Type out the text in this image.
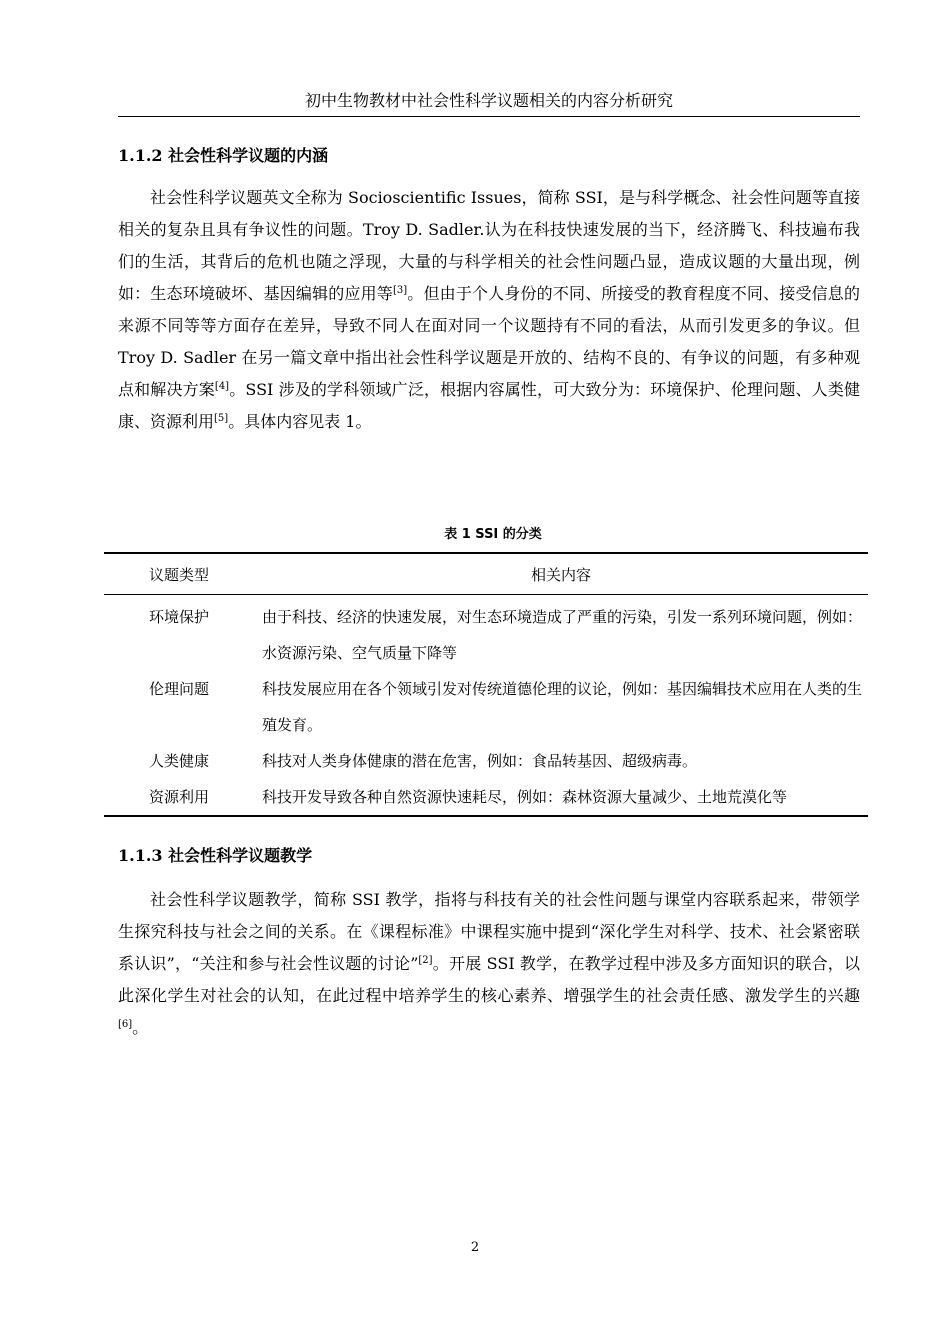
初中生物教材中社会性科学议题相关的内容分析研究
1.1.2 社会性科学议题的内涵

社会性科学议题英文全称为 Socioscientific Issues，简称 SSI，是与科学概念、社会性问题等直接相关的复杂且具有争议性的问题。Troy D. Sadler.认为在科技快速发展的当下，经济腾飞、科技遍布我们的生活，其背后的危机也随之浮现，大量的与科学相关的社会性问题凸显，造成议题的大量出现，例如：生态环境破坏、基因编辑的应用等[3]。但由于个人身份的不同、所接受的教育程度不同、接受信息的来源不同等等方面存在差异，导致不同人在面对同一个议题持有不同的看法，从而引发更多的争议。但 Troy D. Sadler 在另一篇文章中指出社会性科学议题是开放的、结构不良的、有争议的问题，有多种观点和解决方案[4]。SSI 涉及的学科领域广泛，根据内容属性，可大致分为：环境保护、伦理问题、人类健康、资源利用[5]。具体内容见表 1。

表 1 SSI 的分类
议题类型	相关内容
环境保护	由于科技、经济的快速发展，对生态环境造成了严重的污染，引发一系列环境问题，例如：水资源污染、空气质量下降等
伦理问题	科技发展应用在各个领域引发对传统道德伦理的议论，例如：基因编辑技术应用在人类的生殖发育。
人类健康	科技对人类身体健康的潜在危害，例如：食品转基因、超级病毒。
资源利用	科技开发导致各种自然资源快速耗尽，例如：森林资源大量减少、土地荒漠化等
1.1.3 社会性科学议题教学

社会性科学议题教学，简称 SSI 教学，指将与科技有关的社会性问题与课堂内容联系起来，带领学生探究科技与社会之间的关系。在《课程标准》中课程实施中提到“深化学生对科学、技术、社会紧密联系认识”，“关注和参与社会性议题的讨论”[2]。开展 SSI 教学，在教学过程中涉及多方面知识的联合，以此深化学生对社会的认知，在此过程中培养学生的核心素养、增强学生的社会责任感、激发学生的兴趣[6]。

2
